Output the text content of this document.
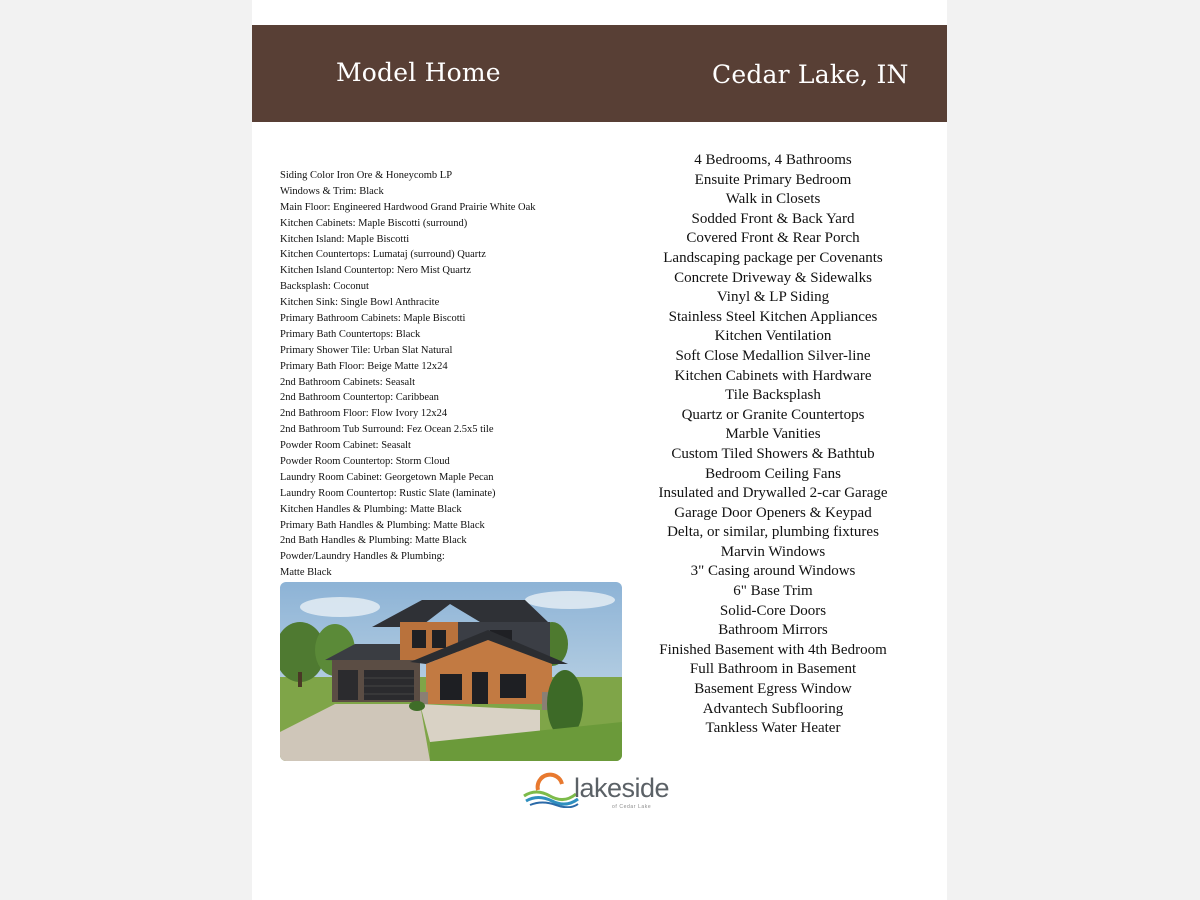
Model Home	Cedar Lake, IN
Siding Color Iron Ore & Honeycomb LP
Windows & Trim: Black
Main Floor: Engineered Hardwood Grand Prairie White Oak
Kitchen Cabinets: Maple Biscotti (surround)
Kitchen Island: Maple Biscotti
Kitchen Countertops: Lumataj (surround) Quartz
Kitchen Island Countertop: Nero Mist Quartz
Backsplash: Coconut
Kitchen Sink: Single Bowl Anthracite
Primary Bathroom Cabinets: Maple Biscotti
Primary Bath Countertops: Black
Primary Shower Tile: Urban Slat Natural
Primary Bath Floor: Beige Matte 12x24
2nd Bathroom Cabinets: Seasalt
2nd Bathroom Countertop: Caribbean
2nd Bathroom Floor: Flow Ivory 12x24
2nd Bathroom Tub Surround: Fez Ocean 2.5x5 tile
Powder Room Cabinet: Seasalt
Powder Room Countertop: Storm Cloud
Laundry Room Cabinet: Georgetown Maple Pecan
Laundry Room Countertop: Rustic Slate (laminate)
Kitchen Handles & Plumbing: Matte Black
Primary Bath Handles & Plumbing: Matte Black
2nd Bath Handles & Plumbing: Matte Black
Powder/Laundry Handles & Plumbing:
Matte Black
4 Bedrooms, 4 Bathrooms
Ensuite Primary Bedroom
Walk in Closets
Sodded Front & Back Yard
Covered Front & Rear Porch
Landscaping package per Covenants
Concrete Driveway & Sidewalks
Vinyl & LP Siding
Stainless Steel Kitchen Appliances
Kitchen Ventilation
Soft Close Medallion Silver-line
Kitchen Cabinets with Hardware
Tile Backsplash
Quartz or Granite Countertops
Marble Vanities
Custom Tiled Showers & Bathtub
Bedroom Ceiling Fans
Insulated and Drywalled 2-car Garage
Garage Door Openers & Keypad
Delta, or similar, plumbing fixtures
Marvin Windows
3" Casing around Windows
6" Base Trim
Solid-Core Doors
Bathroom Mirrors
Finished Basement with 4th Bedroom
Full Bathroom in Basement
Basement Egress Window
Advantech Subflooring
Tankless Water Heater
lakeside
of Cedar Lake
